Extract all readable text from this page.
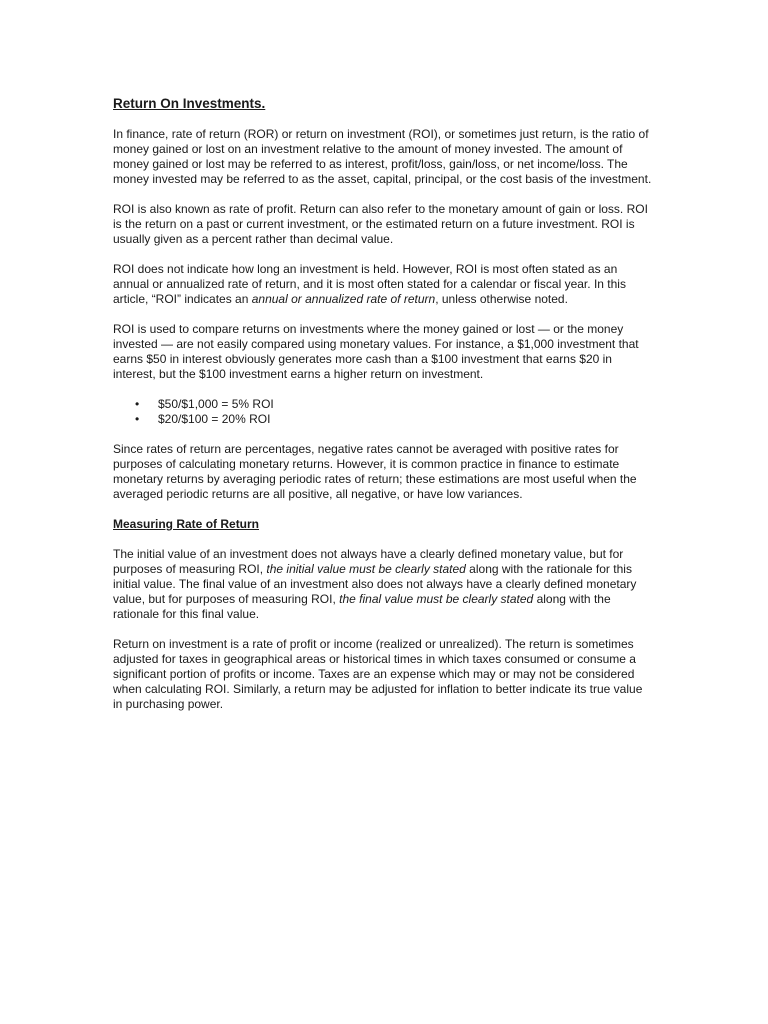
Return On Investments.

In finance, rate of return (ROR) or return on investment (ROI), or sometimes just return, is the ratio of money gained or lost on an investment relative to the amount of money invested. The amount of money gained or lost may be referred to as interest, profit/loss, gain/loss, or net income/loss. The money invested may be referred to as the asset, capital, principal, or the cost basis of the investment.

ROI is also known as rate of profit. Return can also refer to the monetary amount of gain or loss. ROI is the return on a past or current investment, or the estimated return on a future investment. ROI is usually given as a percent rather than decimal value.

ROI does not indicate how long an investment is held. However, ROI is most often stated as an annual or annualized rate of return, and it is most often stated for a calendar or fiscal year. In this article, “ROI” indicates an annual or annualized rate of return, unless otherwise noted.

ROI is used to compare returns on investments where the money gained or lost — or the money invested — are not easily compared using monetary values. For instance, a $1,000 investment that earns $50 in interest obviously generates more cash than a $100 investment that earns $20 in interest, but the $100 investment earns a higher return on investment.

• $50/$1,000 = 5% ROI
• $20/$100 = 20% ROI

Since rates of return are percentages, negative rates cannot be averaged with positive rates for purposes of calculating monetary returns. However, it is common practice in finance to estimate monetary returns by averaging periodic rates of return; these estimations are most useful when the averaged periodic returns are all positive, all negative, or have low variances.

Measuring Rate of Return

The initial value of an investment does not always have a clearly defined monetary value, but for purposes of measuring ROI, the initial value must be clearly stated along with the rationale for this initial value. The final value of an investment also does not always have a clearly defined monetary value, but for purposes of measuring ROI, the final value must be clearly stated along with the rationale for this final value.

Return on investment is a rate of profit or income (realized or unrealized). The return is sometimes adjusted for taxes in geographical areas or historical times in which taxes consumed or consume a significant portion of profits or income. Taxes are an expense which may or may not be considered when calculating ROI. Similarly, a return may be adjusted for inflation to better indicate its true value in purchasing power.
